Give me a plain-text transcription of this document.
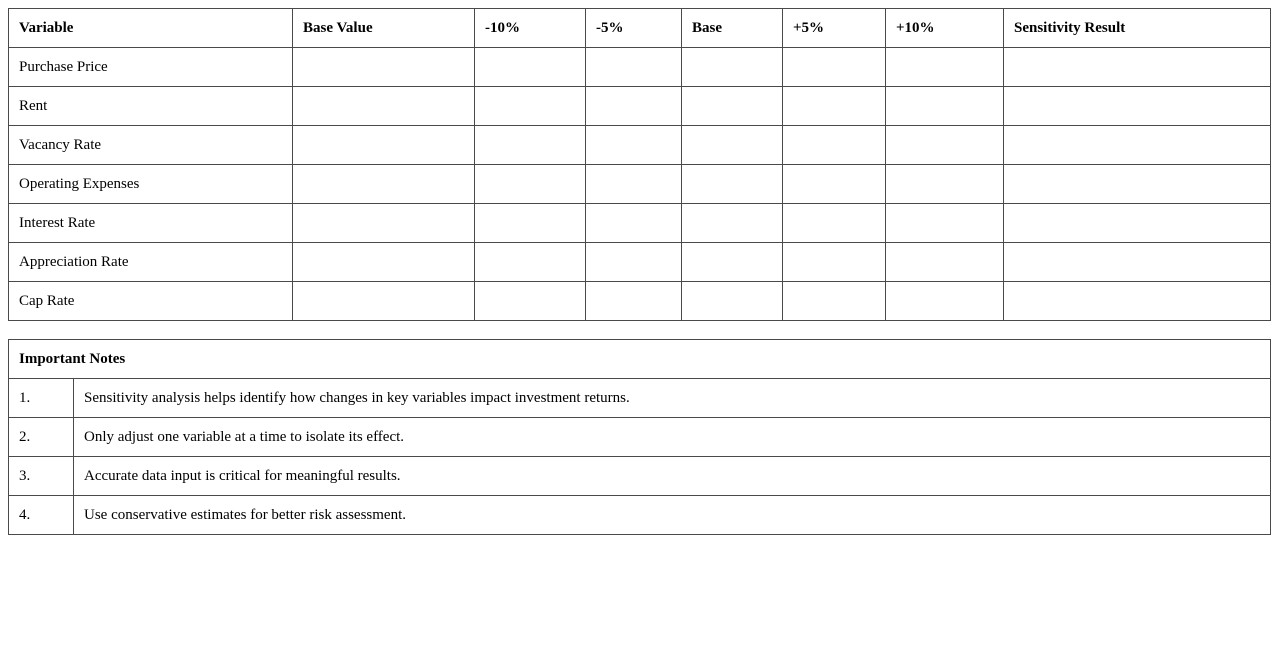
Variable	Base Value	-10%	-5%	Base	+5%	+10%	Sensitivity Result
Purchase Price							
Rent							
Vacancy Rate							
Operating Expenses							
Interest Rate							
Appreciation Rate							
Cap Rate							
Important Notes	
1.	Sensitivity analysis helps identify how changes in key variables impact investment returns.
2.	Only adjust one variable at a time to isolate its effect.
3.	Accurate data input is critical for meaningful results.
4.	Use conservative estimates for better risk assessment.
